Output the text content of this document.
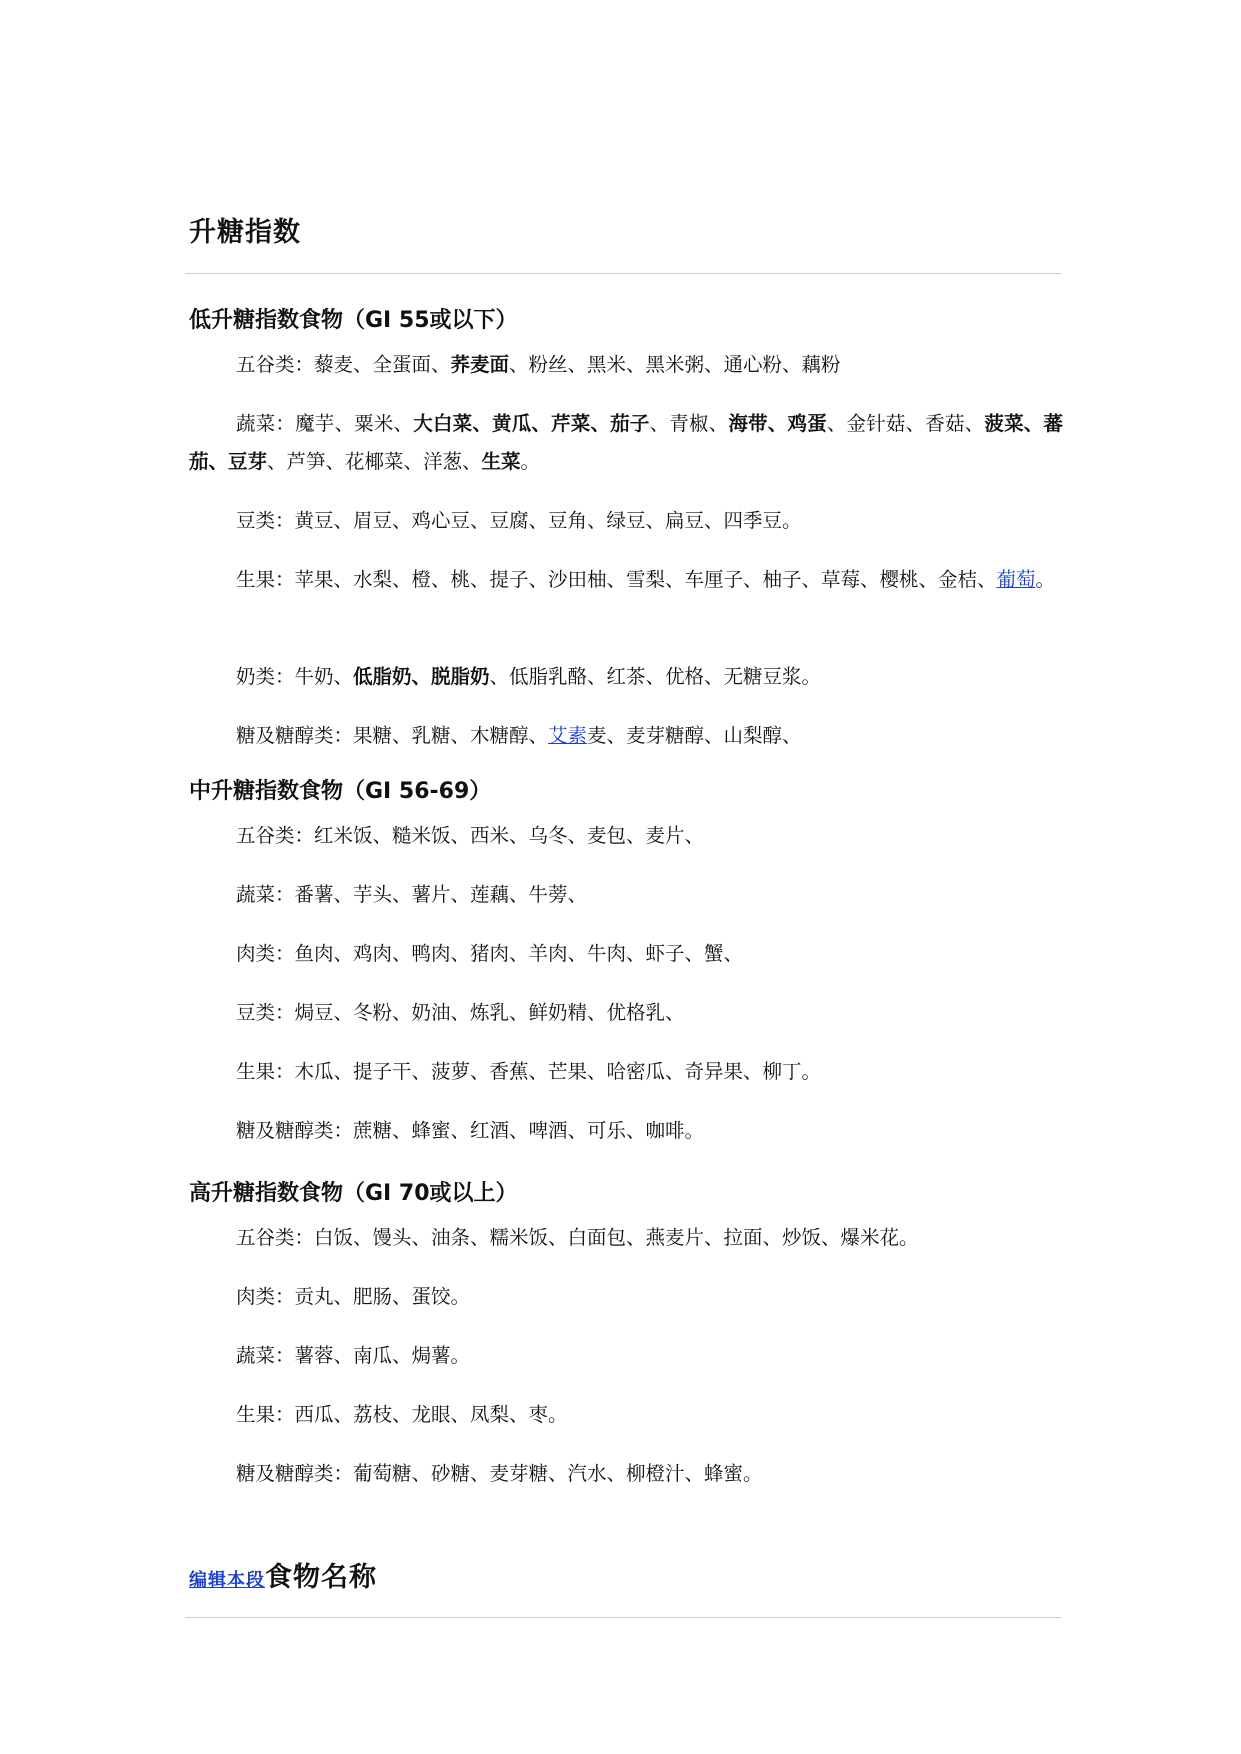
升糖指数
低升糖指数食物（GI 55或以下）
五谷类：藜麦、全蛋面、荞麦面、粉丝、黑米、黑米粥、通心粉、藕粉
蔬菜：魔芋、粟米、大白菜、黄瓜、芹菜、茄子、青椒、海带、鸡蛋、金针菇、香菇、菠菜、蕃茄、豆芽、芦笋、花椰菜、洋葱、生菜。
豆类：黄豆、眉豆、鸡心豆、豆腐、豆角、绿豆、扁豆、四季豆。
生果：苹果、水梨、橙、桃、提子、沙田柚、雪梨、车厘子、柚子、草莓、樱桃、金桔、葡萄。
奶类：牛奶、低脂奶、脱脂奶、低脂乳酪、红茶、优格、无糖豆浆。
糖及糖醇类：果糖、乳糖、木糖醇、艾素麦、麦芽糖醇、山梨醇、
中升糖指数食物（GI 56-69）
五谷类：红米饭、糙米饭、西米、乌冬、麦包、麦片、
蔬菜：番薯、芋头、薯片、莲藕、牛蒡、
肉类：鱼肉、鸡肉、鸭肉、猪肉、羊肉、牛肉、虾子、蟹、
豆类：焗豆、冬粉、奶油、炼乳、鲜奶精、优格乳、
生果：木瓜、提子干、菠萝、香蕉、芒果、哈密瓜、奇异果、柳丁。
糖及糖醇类：蔗糖、蜂蜜、红酒、啤酒、可乐、咖啡。
高升糖指数食物（GI 70或以上）
五谷类：白饭、馒头、油条、糯米饭、白面包、燕麦片、拉面、炒饭、爆米花。
肉类：贡丸、肥肠、蛋饺。
蔬菜：薯蓉、南瓜、焗薯。
生果：西瓜、荔枝、龙眼、凤梨、枣。
糖及糖醇类：葡萄糖、砂糖、麦芽糖、汽水、柳橙汁、蜂蜜。
编辑本段食物名称
